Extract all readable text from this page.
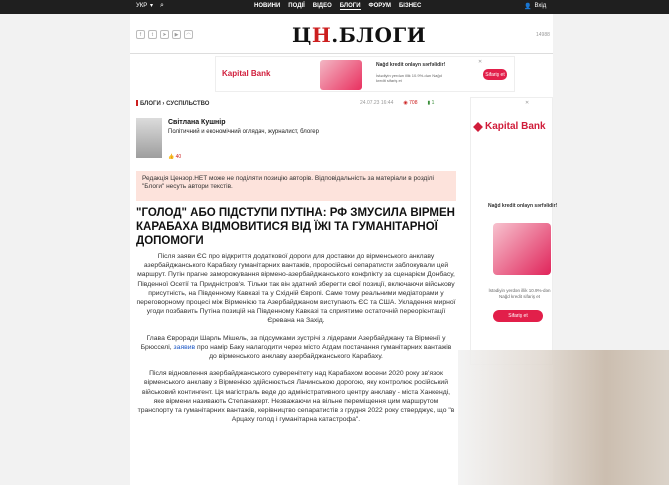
УКР ▾ ⌕	НОВИНИ ПОДІЇ ВІДЕО БЛОГИ ФОРУМ БІЗНЕС	👤 Вхід
f	t	➤	▶	◠	ЦН.БЛОГИ	14988
Kapital Bank
Nağd kredit onlayn sərfəlidir!
İstədiyin yerdən illik 10.9%-dən Nağd kredit sifariş et
✕
Sifariş et
БЛОГИ › СУСПІЛЬСТВО	24.07.23 16:44 ◉ 708 ▮ 1
Світлана Кушнір
Політичний и економічний оглядач, журналист, блогер
👍 40
Редакція Цензор.НЕТ може не поділяти позицію авторів. Відповідальність за матеріали в розділі "Блоги" несуть автори текстів.
"ГОЛОД" АБО ПІДСТУПИ ПУТІНА: РФ ЗМУСИЛА ВІРМЕН КАРАБАХА ВІДМОВИТИСЯ ВІД ЇЖІ ТА ГУМАНІТАРНОЇ ДОПОМОГИ

Після заяви ЄС про відкриття додаткової дороги для доставки до вірменського анклаву азербайджанського Карабаху гуманітарних вантажів, проросійські сепаратисти заблокували цей маршрут. Путін прагне заморожування вірмено-азербайджанського конфлікту за сценарієм Донбасу, Південної Осетії та Придністров'я. Тільки так він здатний зберегти свої позиції, включаючи військову присутність, на Південному Кавказі та у Східній Європі. Саме тому реальними медіаторами у переговорному процесі між Вірменією та Азербайджаном виступають ЄС та США. Укладення мирної угоди позбавить Путіна позицій на Південному Кавказі та сприятиме остаточній переорієнтації Єревана на Захід.

Глава Євроради Шарль Мішель, за підсумками зустрічі з лідерами Азербайджану та Вірменії у Брюсселі, заявив про намір Баку налагодити через місто Агдам постачання гуманітарних вантажів до вірменського анклаву азербайджанського Карабаху.

Після відновлення азербайджанського суверенітету над Карабахом восени 2020 року зв'язок вірменського анклаву з Вірменією здійснюється Лачинською дорогою, яку контролює російський військовий контингент. Ця магістраль веде до адміністративного центру анклаву - міста Ханкенді, яке вірмени називають Степанакерт. Незважаючи на вільне переміщення цим маршрутом транспорту та гуманітарних вантажів, керівництво сепаратистів з грудня 2022 року стверджує, що "в Арцаху голод і гуманітарна катастрофа".

✕
Kapital Bank
Nağd kredit onlayn sərfəlidir!
İstədiyin yerdən illik 10.9%-dən Nağd kredit sifariş et
Sifariş et
